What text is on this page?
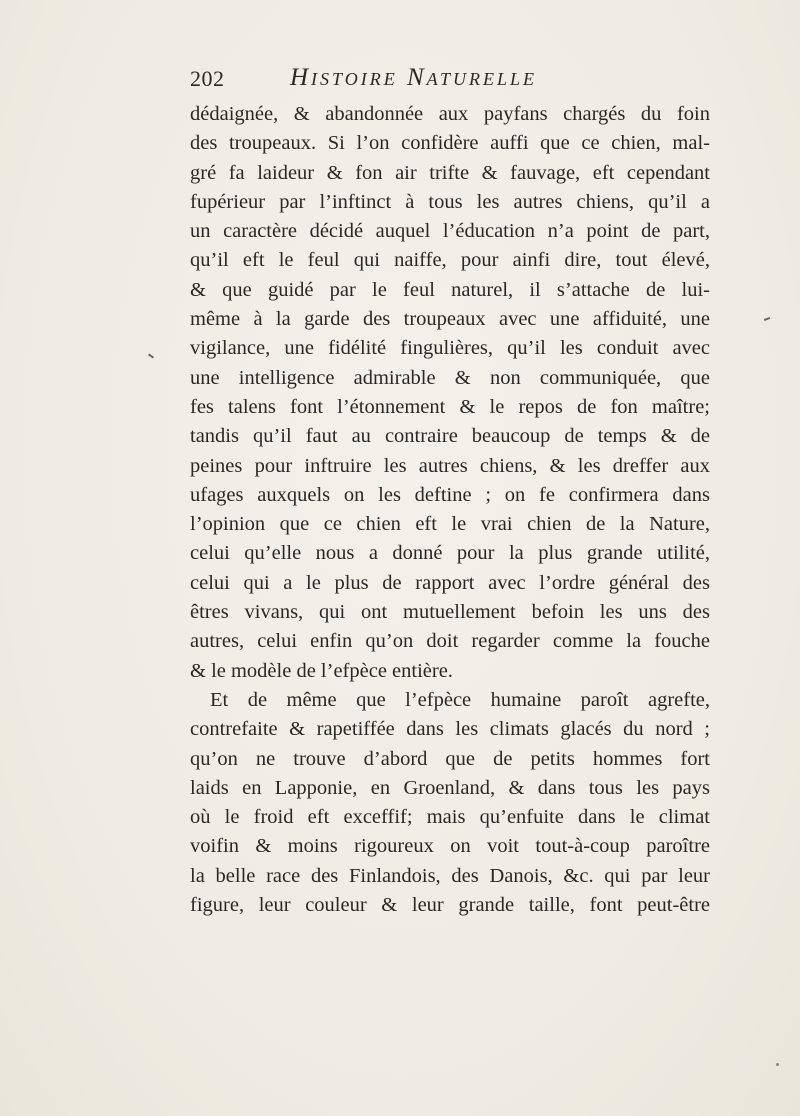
202	Histoire Naturelle
dédaignée, & abandonnée aux payfans chargés du foin
des troupeaux. Si l’on confidère auffi que ce chien, mal-
gré fa laideur & fon air trifte & fauvage, eft cependant
fupérieur par l’inftinct à tous les autres chiens, qu’il a
un caractère décidé auquel l’éducation n’a point de part,
qu’il eft le feul qui naiffe, pour ainfi dire, tout élevé,
& que guidé par le feul naturel, il s’attache de lui-
même à la garde des troupeaux avec une affiduité, une
vigilance, une fidélité fingulières, qu’il les conduit avec
une intelligence admirable & non communiquée, que
fes talens font l’étonnement & le repos de fon maître;
tandis qu’il faut au contraire beaucoup de temps & de
peines pour inftruire les autres chiens, & les dreffer aux
ufages auxquels on les deftine ; on fe confirmera dans
l’opinion que ce chien eft le vrai chien de la Nature,
celui qu’elle nous a donné pour la plus grande utilité,
celui qui a le plus de rapport avec l’ordre général des
êtres vivans, qui ont mutuellement befoin les uns des
autres, celui enfin qu’on doit regarder comme la fouche
& le modèle de l’efpèce entière.
Et de même que l’efpèce humaine paroît agrefte,
contrefaite & rapetiffée dans les climats glacés du nord ;
qu’on ne trouve d’abord que de petits hommes fort
laids en Lapponie, en Groenland, & dans tous les pays
où le froid eft exceffif; mais qu’enfuite dans le climat
voifin & moins rigoureux on voit tout-à-coup paroître
la belle race des Finlandois, des Danois, &c. qui par leur
figure, leur couleur & leur grande taille, font peut-être
